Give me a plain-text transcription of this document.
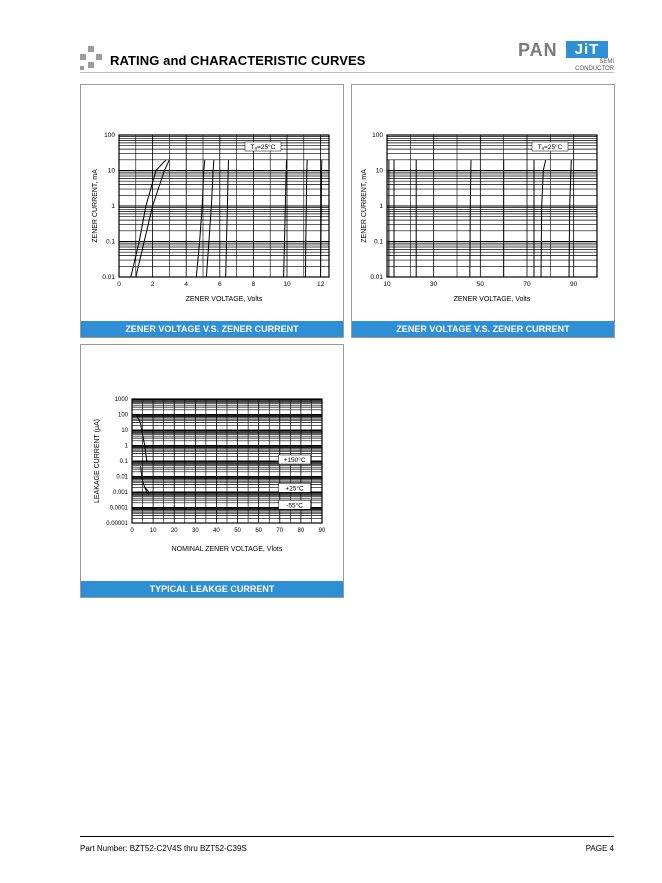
RATING and CHARACTERISTIC CURVES
PAN	JiT
SEMI
CONDUCTOR
0.01
0.1
1
10
100
0	2	4	6	8	10	12
ZENER VOLTAGE, Volts
ZENER CURRENT, mA
Tₐ=25°C
ZENER VOLTAGE V.S. ZENER CURRENT
0.01
0.1
1
10
100
10	30	50	70	90
ZENER VOLTAGE, Volts
ZENER CURRENT, mA
Tₐ=25°C
ZENER VOLTAGE V.S. ZENER CURRENT
0.00001
0.0001
0.001
0.01
0.1
1
10
100
1000
0	10 20 30 40 50 60 70 80 90
NOMINAL ZENER VOLTAGE, Vlots
LEAKAGE CURRENT (μA)	+150°C
+25°C
-55°C
TYPICAL LEAKGE CURRENT
Part Number: BZT52-C2V4S thru BZT52-C39S	PAGE 4
